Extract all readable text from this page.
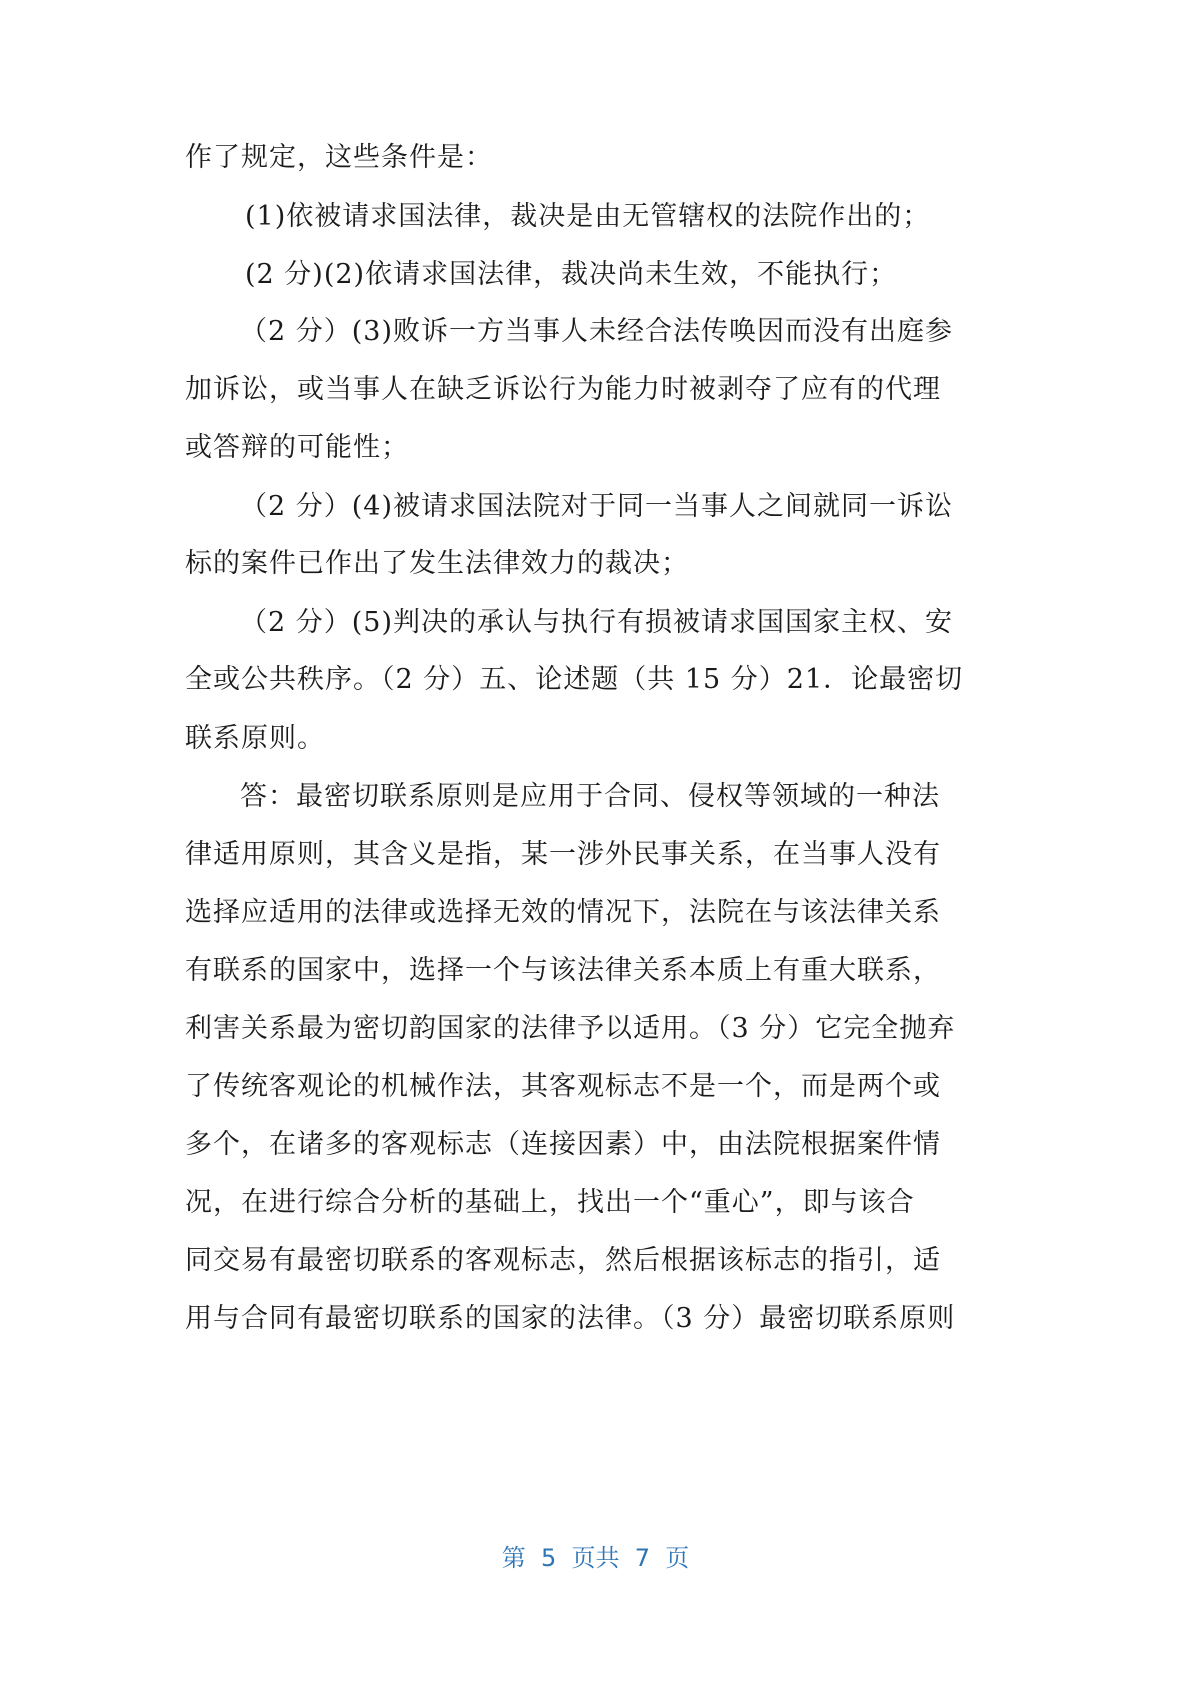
作了规定，这些条件是：
(1)依被请求国法律，裁决是由无管辖权的法院作出的；
(2 分)(2)依请求国法律，裁决尚未生效，不能执行；
（2 分）(3)败诉一方当事人未经合法传唤因而没有出庭参
加诉讼，或当事人在缺乏诉讼行为能力时被剥夺了应有的代理
或答辩的可能性；
（2 分）(4)被请求国法院对于同一当事人之间就同一诉讼
标的案件已作出了发生法律效力的裁决；
（2 分）(5)判决的承认与执行有损被请求国国家主权、安
全或公共秩序。（2 分）五、论述题（共 15 分）21．论最密切
联系原则。
答：最密切联系原则是应用于合同、侵权等领域的一种法
律适用原则，其含义是指，某一涉外民事关系，在当事人没有
选择应适用的法律或选择无效的情况下，法院在与该法律关系
有联系的国家中，选择一个与该法律关系本质上有重大联系，
利害关系最为密切韵国家的法律予以适用。（3 分）它完全抛弃
了传统客观论的机械作法，其客观标志不是一个，而是两个或
多个，在诸多的客观标志（连接因素）中，由法院根据案件情
况，在进行综合分析的基础上，找出一个“重心”，即与该合
同交易有最密切联系的客观标志，然后根据该标志的指引，适
用与合同有最密切联系的国家的法律。（3 分）最密切联系原则
第  5  页共  7  页
